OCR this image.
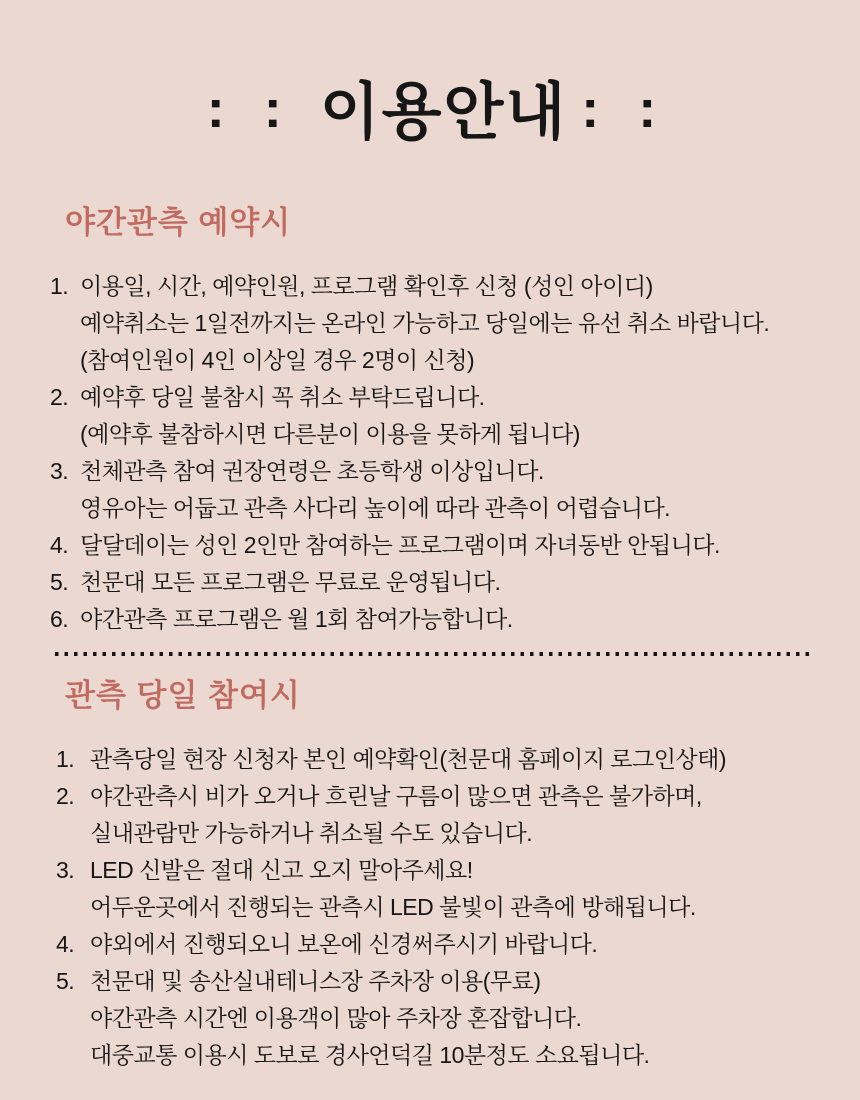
: : 이용안내 : :
야간관측 예약시
1. 이용일, 시간, 예약인원, 프로그램 확인후 신청 (성인 아이디)
예약취소는 1일전까지는 온라인 가능하고 당일에는 유선 취소 바랍니다.
(참여인원이 4인 이상일 경우 2명이 신청)
2. 예약후 당일 불참시 꼭 취소 부탁드립니다.
(예약후 불참하시면 다른분이 이용을 못하게 됩니다)
3. 천체관측 참여 권장연령은 초등학생 이상입니다.
영유아는 어둡고 관측 사다리 높이에 따라 관측이 어렵습니다.
4. 달달데이는 성인 2인만 참여하는 프로그램이며 자녀동반 안됩니다.
5. 천문대 모든 프로그램은 무료로 운영됩니다.
6. 야간관측 프로그램은 월 1회 참여가능합니다.
관측 당일 참여시
1. 관측당일 현장 신청자 본인 예약확인(천문대 홈페이지 로그인상태)
2. 야간관측시 비가 오거나 흐린날 구름이 많으면 관측은 불가하며,
실내관람만 가능하거나 취소될 수도 있습니다.
3. LED 신발은 절대 신고 오지 말아주세요!
어두운곳에서 진행되는 관측시 LED 불빛이 관측에 방해됩니다.
4. 야외에서 진행되오니 보온에 신경써주시기 바랍니다.
5. 천문대 및 송산실내테니스장 주차장 이용(무료)
야간관측 시간엔 이용객이 많아 주차장 혼잡합니다.
대중교통 이용시 도보로 경사언덕길 10분정도 소요됩니다.
